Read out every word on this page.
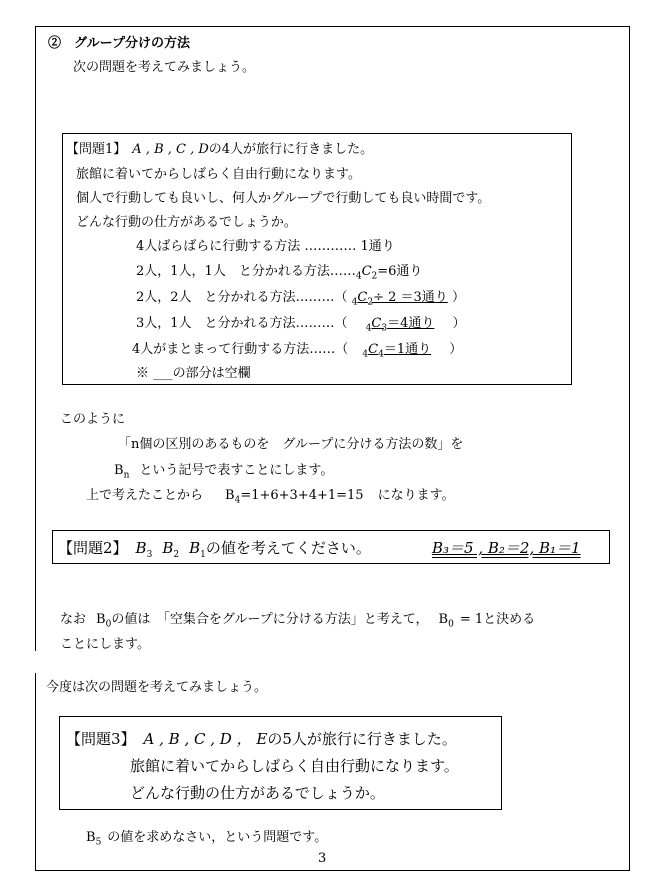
②　グループ分けの方法
次の問題を考えてみましょう。
【問題1】 A , B , C , Dの4人が旅行に行きました。
旅館に着いてからしばらく自由行動になります。
個人で行動しても良いし、何人かグループで行動しても良い時間です。
どんな行動の仕方があるでしょうか。
4人ばらばらに行動する方法 ………… 1通り
2人，1人，1人　と分かれる方法$\dots\dots_4C_2=6$通り
2人，2人　と分かれる方法………（ $_4C_2\div 2 =3$通り ）
3人，1人　と分かれる方法………（ $_4C_3=4$通り ）
4人がまとまって行動する方法……（ $_4C_4=1$通り ）
※ ___の部分は空欄
このように
「n個の区別のあるものを　グループに分ける方法の数」を
$B_n$ という記号で表すことにします。
上で考えたことから $B_4=1+6+3+4+1=15$ になります。
【問題2】 $B_3$ $B_2$ $B_1$の値を考えてください。	B₃＝5 , B₂＝2, B₁＝1
なお $B_0$の値は　「空集合をグループに分ける方法」と考えて， $B_0 = 1$と決める
ことにします。
今度は次の問題を考えてみましょう。
【問題3】 A , B , C , D ， Eの5人が旅行に行きました。
旅館に着いてからしばらく自由行動になります。
どんな行動の仕方があるでしょうか。
$B_5$ の値を求めなさい，という問題です。
3
